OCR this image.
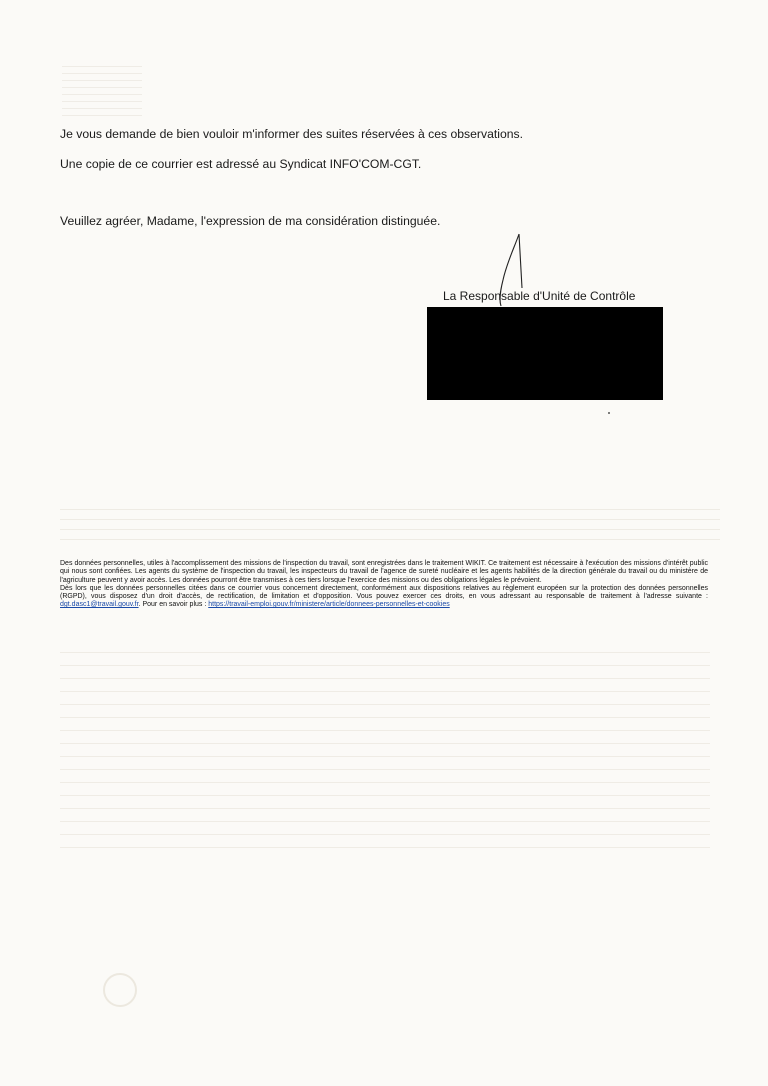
Je vous demande de bien vouloir m'informer des suites réservées à ces observations.
Une copie de ce courrier est adressé au Syndicat INFO'COM-CGT.
Veuillez agréer, Madame, l'expression de ma considération distinguée.
La Responsable d'Unité de Contrôle

Des données personnelles, utiles à l'accomplissement des missions de l'inspection du travail, sont enregistrées dans le traitement WIKIT. Ce traitement est nécessaire à l'exécution des missions d'intérêt public qui nous sont confiées. Les agents du système de l'inspection du travail, les inspecteurs du travail de l'agence de sureté nucléaire et les agents habilités de la direction générale du travail ou du ministère de l'agriculture peuvent y avoir accès. Les données pourront être transmises à ces tiers lorsque l'exercice des missions ou des obligations légales le prévoient.

Dès lors que les données personnelles citées dans ce courrier vous concernent directement, conformément aux dispositions relatives au règlement européen sur la protection des données personnelles (RGPD), vous disposez d'un droit d'accès, de rectification, de limitation et d'opposition. Vous pouvez exercer ces droits, en vous adressant au responsable de traitement à l'adresse suivante : dgt.dasc1@travail.gouv.fr. Pour en savoir plus : https://travail-emploi.gouv.fr/ministere/article/donnees-personnelles-et-cookies
